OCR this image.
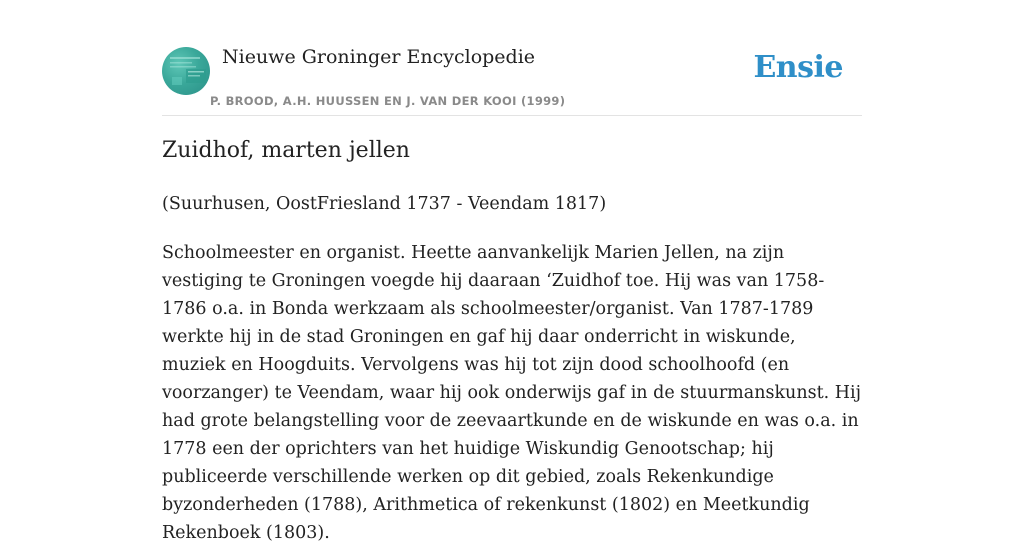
Nieuwe Groninger Encyclopedie
P. BROOD, A.H. HUUSSEN EN J. VAN DER KOOI (1999)
Ensie
Zuidhof, marten jellen

(Suurhusen, OostFriesland 1737 - Veendam 1817)

Schoolmeester en organist. Heette aanvankelijk Marien Jellen, na zijn vestiging te Groningen voegde hij daaraan ‘Zuidhof toe. Hij was van 1758-1786 o.a. in Bonda werkzaam als schoolmeester/organist. Van 1787-1789 werkte hij in de stad Groningen en gaf hij daar onderricht in wiskunde, muziek en Hoogduits. Vervolgens was hij tot zijn dood schoolhoofd (en voorzanger) te Veendam, waar hij ook onderwijs gaf in de stuurmanskunst. Hij had grote belangstelling voor de zeevaartkunde en de wiskunde en was o.a. in 1778 een der oprichters van het huidige Wiskundig Genootschap; hij publiceerde verschillende werken op dit gebied, zoals Rekenkundige byzonderheden (1788), Arithmetica of rekenkunst (1802) en Meetkundig Rekenboek (1803).
